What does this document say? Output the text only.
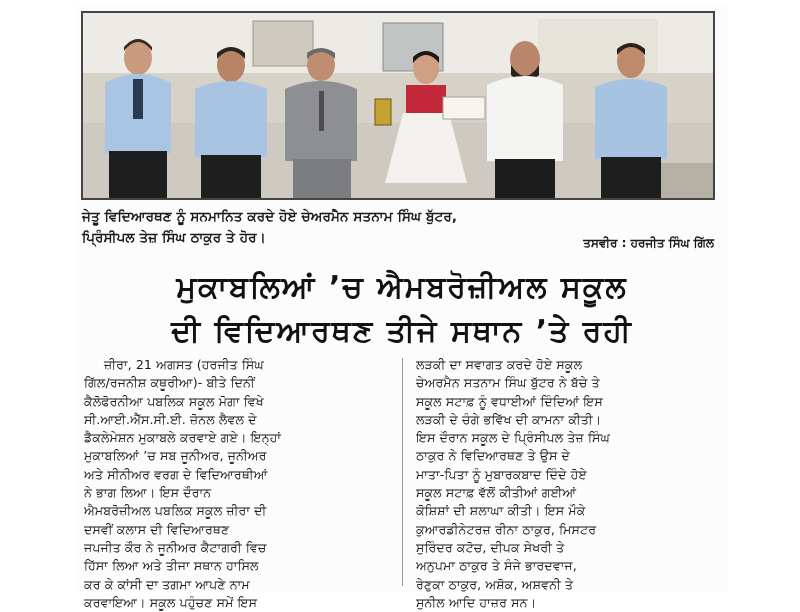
ਜੇਤੂ ਵਿਦਿਆਰਥਣ ਨੂੰ ਸਨਮਾਨਿਤ ਕਰਦੇ ਹੋਏ ਚੇਅਰਮੈਨ ਸਤਨਾਮ ਸਿੰਘ ਬੁੱਟਰ,
ਪ੍ਰਿੰਸੀਪਲ ਤੇਜ਼ ਸਿੰਘ ਠਾਕੁਰ ਤੇ ਹੋਰ।	ਤਸਵੀਰ : ਹਰਜੀਤ ਸਿੰਘ ਗਿੱਲ
ਮੁਕਾਬਲਿਆਂ ’ਚ ਐਮਬਰੋਜ਼ੀਅਲ ਸਕੂਲ
ਦੀ ਵਿਦਿਆਰਥਣ ਤੀਜੇ ਸਥਾਨ ’ਤੇ ਰਹੀ
ਜ਼ੀਰਾ, 21 ਅਗਸਤ (ਹਰਜੀਤ ਸਿੰਘ
ਗਿੱਲ/ਰਜਨੀਸ਼ ਕਥੂਰੀਆ)- ਬੀਤੇ ਦਿਨੀਂ
ਕੈਲੋਫੋਰਨੀਆ ਪਬਲਿਕ ਸਕੂਲ ਮੋਗਾ ਵਿਖੇ
ਸੀ.ਆਈ.ਐੱਸ.ਸੀ.ਈ. ਜ਼ੋਨਲ ਲੈਵਲ ਦੇ
ਡੈਕਲੇਮੇਸ਼ਨ ਮੁਕਾਬਲੇ ਕਰਵਾਏ ਗਏ। ਇਨ੍ਹਾਂ
ਮੁਕਾਬਲਿਆਂ ’ਚ ਸਬ ਜੂਨੀਅਰ, ਜੂਨੀਅਰ
ਅਤੇ ਸੀਨੀਅਰ ਵਰਗ ਦੇ ਵਿਦਿਆਰਥੀਆਂ
ਨੇ ਭਾਗ ਲਿਆ। ਇਸ ਦੌਰਾਨ
ਐਮਬਰੋਜ਼ੀਅਲ ਪਬਲਿਕ ਸਕੂਲ ਜ਼ੀਰਾ ਦੀ
ਦਸਵੀਂ ਕਲਾਸ ਦੀ ਵਿਦਿਆਰਥਣ
ਜਪਜੀਤ ਕੌਰ ਨੇ ਜੂਨੀਅਰ ਕੈਟਾਗਰੀ ਵਿਚ
ਹਿੱਸਾ ਲਿਆ ਅਤੇ ਤੀਜਾ ਸਥਾਨ ਹਾਸਿਲ
ਕਰ ਕੇ ਕਾਂਸੀ ਦਾ ਤਗਮਾ ਆਪਣੇ ਨਾਮ
ਕਰਵਾਇਆ। ਸਕੂਲ ਪਹੁੰਚਣ ਸਮੇਂ ਇਸ
ਲੜਕੀ ਦਾ ਸਵਾਗਤ ਕਰਦੇ ਹੋਏ ਸਕੂਲ
ਚੇਅਰਮੈਨ ਸਤਨਾਮ ਸਿੰਘ ਬੁੱਟਰ ਨੇ ਬੱਚੇ ਤੇ
ਸਕੂਲ ਸਟਾਫ਼ ਨੂੰ ਵਧਾਈਆਂ ਦਿੰਦਿਆਂ ਇਸ
ਲੜਕੀ ਦੇ ਚੰਗੇ ਭਵਿੱਖ ਦੀ ਕਾਮਨਾ ਕੀਤੀ।
ਇਸ ਦੌਰਾਨ ਸਕੂਲ ਦੇ ਪ੍ਰਿੰਸੀਪਲ ਤੇਜ਼ ਸਿੰਘ
ਠਾਕੁਰ ਨੇ ਵਿਦਿਆਰਥਣ ਤੇ ਉਸ ਦੇ
ਮਾਤਾ-ਪਿਤਾ ਨੂੰ ਮੁਬਾਰਕਬਾਦ ਦਿੰਦੇ ਹੋਏ
ਸਕੂਲ ਸਟਾਫ਼ ਵੱਲੋਂ ਕੀਤੀਆਂ ਗਈਆਂ
ਕੋਸ਼ਿਸ਼ਾਂ ਦੀ ਸ਼ਲਾਘਾ ਕੀਤੀ। ਇਸ ਮੌਕੇ
ਕੁਆਰਡੀਨੇਟਰਜ਼ ਰੀਨਾ ਠਾਕੁਰ, ਮਿਸਟਰ
ਸੁਰਿੰਦਰ ਕਟੋਚ, ਦੀਪਕ ਸੇਖਰੀ ਤੇ
ਅਨੁਪਮਾ ਠਾਕੁਰ ਤੇ ਸੰਜੇ ਭਾਰਦਵਾਜ,
ਰੇਣੁਕਾ ਠਾਕੁਰ, ਅਸ਼ੋਕ, ਅਸ਼ਵਨੀ ਤੇ
ਸੁਨੀਲ ਆਦਿ ਹਾਜ਼ਰ ਸਨ।
